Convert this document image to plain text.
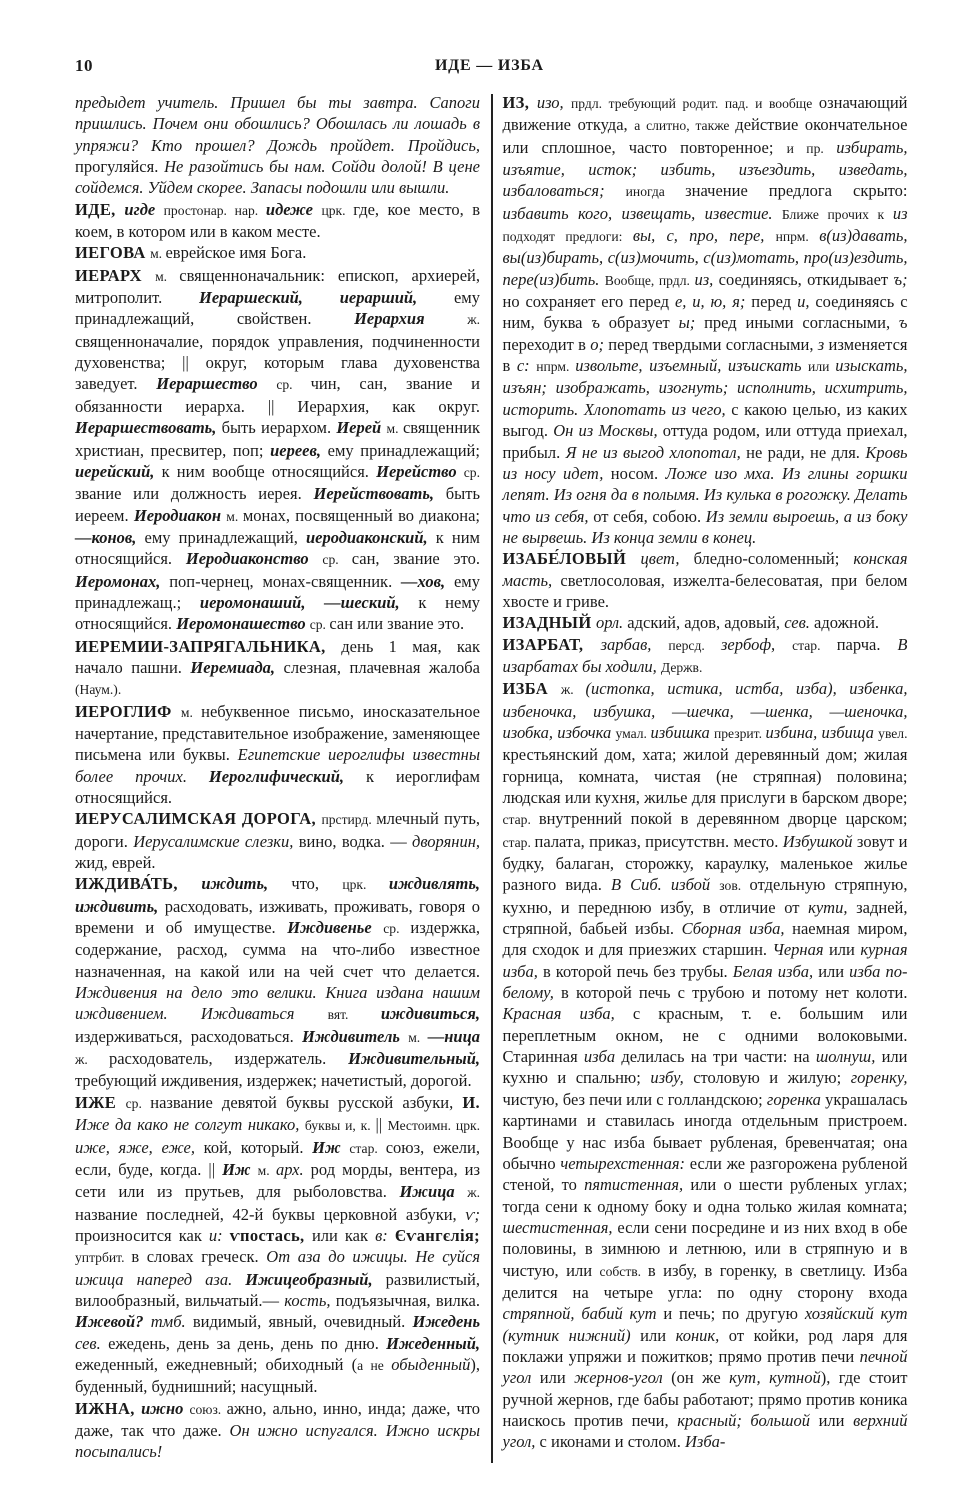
10	ИДЕ — ИЗБА

предыдет учитель. Пришел бы ты завтра. Сапоги пришлись. Почем они обошлись? Обошлась ли лошадь в упряжи? Кто прошел? Дождь пройдет. Пройдись, прогуляйся. Не разойтись бы нам. Сойди долой! В цене сойдемся. Уйдем скорее. Запасы подошли или вышли.

ИДЕ, игде простонар. нар. идеже црк. где, кое место, в коем, в котором или в каком месте.

ИЕГОВА м. еврейское имя Бога.

ИЕРАРХ м. священноначальник: епископ, архиерей, митрополит. Иераршеский, иерарший, ему принадлежащий, свойствен. Иерархия ж. священноначалие, порядок управления, подчиненности духовенства; || округ, которым глава духовенства заведует. Иераршество ср. чин, сан, звание и обязанности иерарха. || Иерархия, как округ. Иераршествовать, быть иерархом. Иерей м. священник христиан, пресвитер, поп; иереев, ему принадлежащий; иерейский, к ним вообще относящийся. Иерейство ср. звание или должность иерея. Иерействовать, быть иереем. Иеродиакон м. монах, посвященный во диакона; —конов, ему принадлежащий, иеродиаконский, к ним относящийся. Иеродиаконство ср. сан, звание это. Иеромонах, поп-чернец, монах-священник. —хов, ему принадлежащ.; иеромонаший, —шеский, к нему относящийся. Иеромонашество ср. сан или звание это.

ИЕРЕМИИ-ЗАПРЯГАЛЬНИКА, день 1 мая, как начало пашни. Иеремиада, слезная, плачевная жалоба (Наум.).

ИЕРОГЛИФ м. небуквенное письмо, иносказательное начертание, представительное изображение, заменяющее письмена или буквы. Египетские иероглифы известны более прочих. Иероглифический, к иероглифам относящийся.

ИЕРУСАЛИМСКАЯ ДОРОГА, прстирд. млечный путь, дороги. Иерусалимские слезки, вино, водка. — дворянин, жид, еврей.

ИЖДИВА́ТЬ, иждить, что, црк. иждивлять, иждивить, расходовать, изживать, проживать, говоря о времени и об имуществе. Иждивенье ср. издержка, содержание, расход, сумма на что-либо известное назначенная, на какой или на чей счет что делается. Иждивения на дело это велики. Книга издана нашим иждивением. Иждиваться вят. иждивиться, издерживаться, расходоваться. Иждивитель м. —ница ж. расходователь, издержатель. Иждивительный, требующий иждивения, издержек; начетистый, дорогой.

ИЖЕ ср. название девятой буквы русской азбуки, И. Иже да како не солгут никако, буквы и, к. || Местоимн. црк. иже, яже, еже, кой, который. Иж стар. союз, ежели, если, буде, когда. || Иж м. арх. род морды, вентера, из сети или из прутьев, для рыболовства. Ижица ж. название последней, 42-й буквы церковной азбуки, ѵ; произносится как и: ѵпостась, или как в: Єѵангєлія; уптрбит. в словах греческ. От аза до ижицы. Не суйся ижица наперед аза. Ижицеобразный, развилистый, вилообразный, вильчатый.— кость, подъязычная, вилка. Ижевой? тмб. видимый, явный, очевидный. Ижедень сев. ежедень, день за день, день по дню. Ижеденный, ежеденный, ежедневный; обиходный (а не обыденный), буденный, буднишний; насущный.

ИЖНА, ижно союз. ажно, ально, инно, инда; даже, что даже, так что даже. Он ижно испугался. Ижно искры посыпались!

ИЗ, изо, прдл. требующий родит. пад. и вообще означающий движение откуда, а слитно, также действие окончательное или сплошное, часто повторенное; и пр. избирать, изъятие, исток; избить, изъездить, изведать, избаловаться; иногда значение предлога скрыто: избавить кого, извещать, известие. Ближе прочих к из подходят предлоги: вы, с, про, пере, нпрм. в(из)давать, вы(из)бирать, с(из)мочить, с(из)мотать, про(из)ездить, пере(из)бить. Вообще, прдл. из, соединяясь, откидывает ъ; но сохраняет его перед е, и, ю, я; перед и, соединяясь с ним, буква ъ образует ы; пред иными согласными, ъ переходит в о; перед твердыми согласными, з изменяется в с: нпрм. извольте, изъемный, изъискать или изыскать, изъян; изображать, изогнуть; исполнить, исхитрить, историть. Хлопотать из чего, с какою целью, из каких выгод. Он из Москвы, оттуда родом, или оттуда приехал, прибыл. Я не из выгод хлопотал, не ради, не для. Кровь из носу идет, носом. Ложе изо мха. Из глины горшки лепят. Из огня да в полымя. Из кулька в рогожку. Делать что из себя, от себя, собою. Из земли выроешь, а из боку не вырвешь. Из конца земли в конец.

ИЗАБЕ́ЛОВЫЙ цвет, бледно-соломенный; конская масть, светлосоловая, изжелта-белесоватая, при белом хвосте и гриве.

ИЗАДНЫЙ орл. адский, адов, адовый, сев. адожной.

ИЗАРБАТ, зарбав, персд. зербоф, стар. парча. В изарбатах бы ходили, Держв.

ИЗБА ж. (истопка, истика, истба, изба), избенка, избеночка, избушка, —шечка, —шенка, —шеночка, изобка, избочка умал. избишка презрит. избина, избища увел. крестьянский дом, хата; жилой деревянный дом; жилая горница, комната, чистая (не стряпная) половина; людская или кухня, жилье для прислуги в барском дворе; стар. внутренний покой в деревянном дворце царском; стар. палата, приказ, присутствн. место. Избушкой зовут и будку, балаган, сторожку, караулку, маленькое жилье разного вида. В Сиб. избой зов. отдельную стряпную, кухню, и переднюю избу, в отличие от кути, задней, стряпной, бабьей избы. Сборная изба, наемная миром, для сходок и для приезжих старшин. Черная или курная изба, в которой печь без трубы. Белая изба, или изба по-белому, в которой печь с трубою и потому нет колоти. Красная изба, с красным, т. е. большим или переплетным окном, не с одними волоковыми. Старинная изба делилась на три части: на шолнуш, или кухню и спальню; избу, столовую и жилую; горенку, чистую, без печи или с голландскою; горенка украшалась картинами и ставилась иногда отдельным пристроем. Вообще у нас изба бывает рубленая, бревенчатая; она обычно четырехстенная: если же разгорожена рубленой стеной, то пятистенная, или о шести рубленых углах; тогда сени к одному боку и одна только жилая комната; шестистенная, если сени посредине и из них вход в обе половины, в зимнюю и летнюю, или в стряпную и в чистую, или собств. в избу, в горенку, в светлицу. Изба делится на четыре угла: по одну сторону входа стряпной, бабий кут и печь; по другую хозяйский кут (кутник нижний) или коник, от койки, род ларя для поклажи упряжи и пожитков; прямо против печи печной угол или жернов-угол (он же кут, кутной), где стоит ручной жернов, где бабы работают; прямо против коника наискось против печи, красный; большой или верхний угол, с иконами и столом. Изба-
